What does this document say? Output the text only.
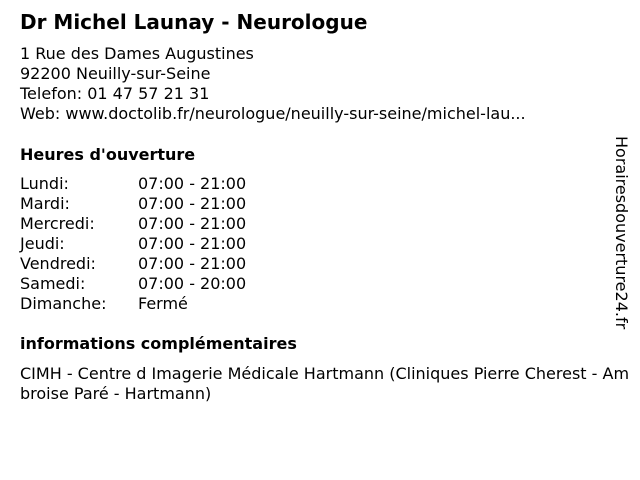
Dr Michel Launay - Neurologue
1 Rue des Dames Augustines
92200 Neuilly-sur-Seine
Telefon: 01 47 57 21 31
Web: www.doctolib.fr/neurologue/neuilly-sur-seine/michel-lau...
Heures d'ouverture
Lundi:	07:00 - 21:00
Mardi:	07:00 - 21:00
Mercredi:	07:00 - 21:00
Jeudi:	07:00 - 21:00
Vendredi:	07:00 - 21:00
Samedi:	07:00 - 20:00
Dimanche: Fermé
informations complémentaires
CIMH - Centre d Imagerie Médicale Hartmann (Cliniques Pierre Cherest - Ambroise Paré - Hartmann)
Horairesdouverture24.fr
